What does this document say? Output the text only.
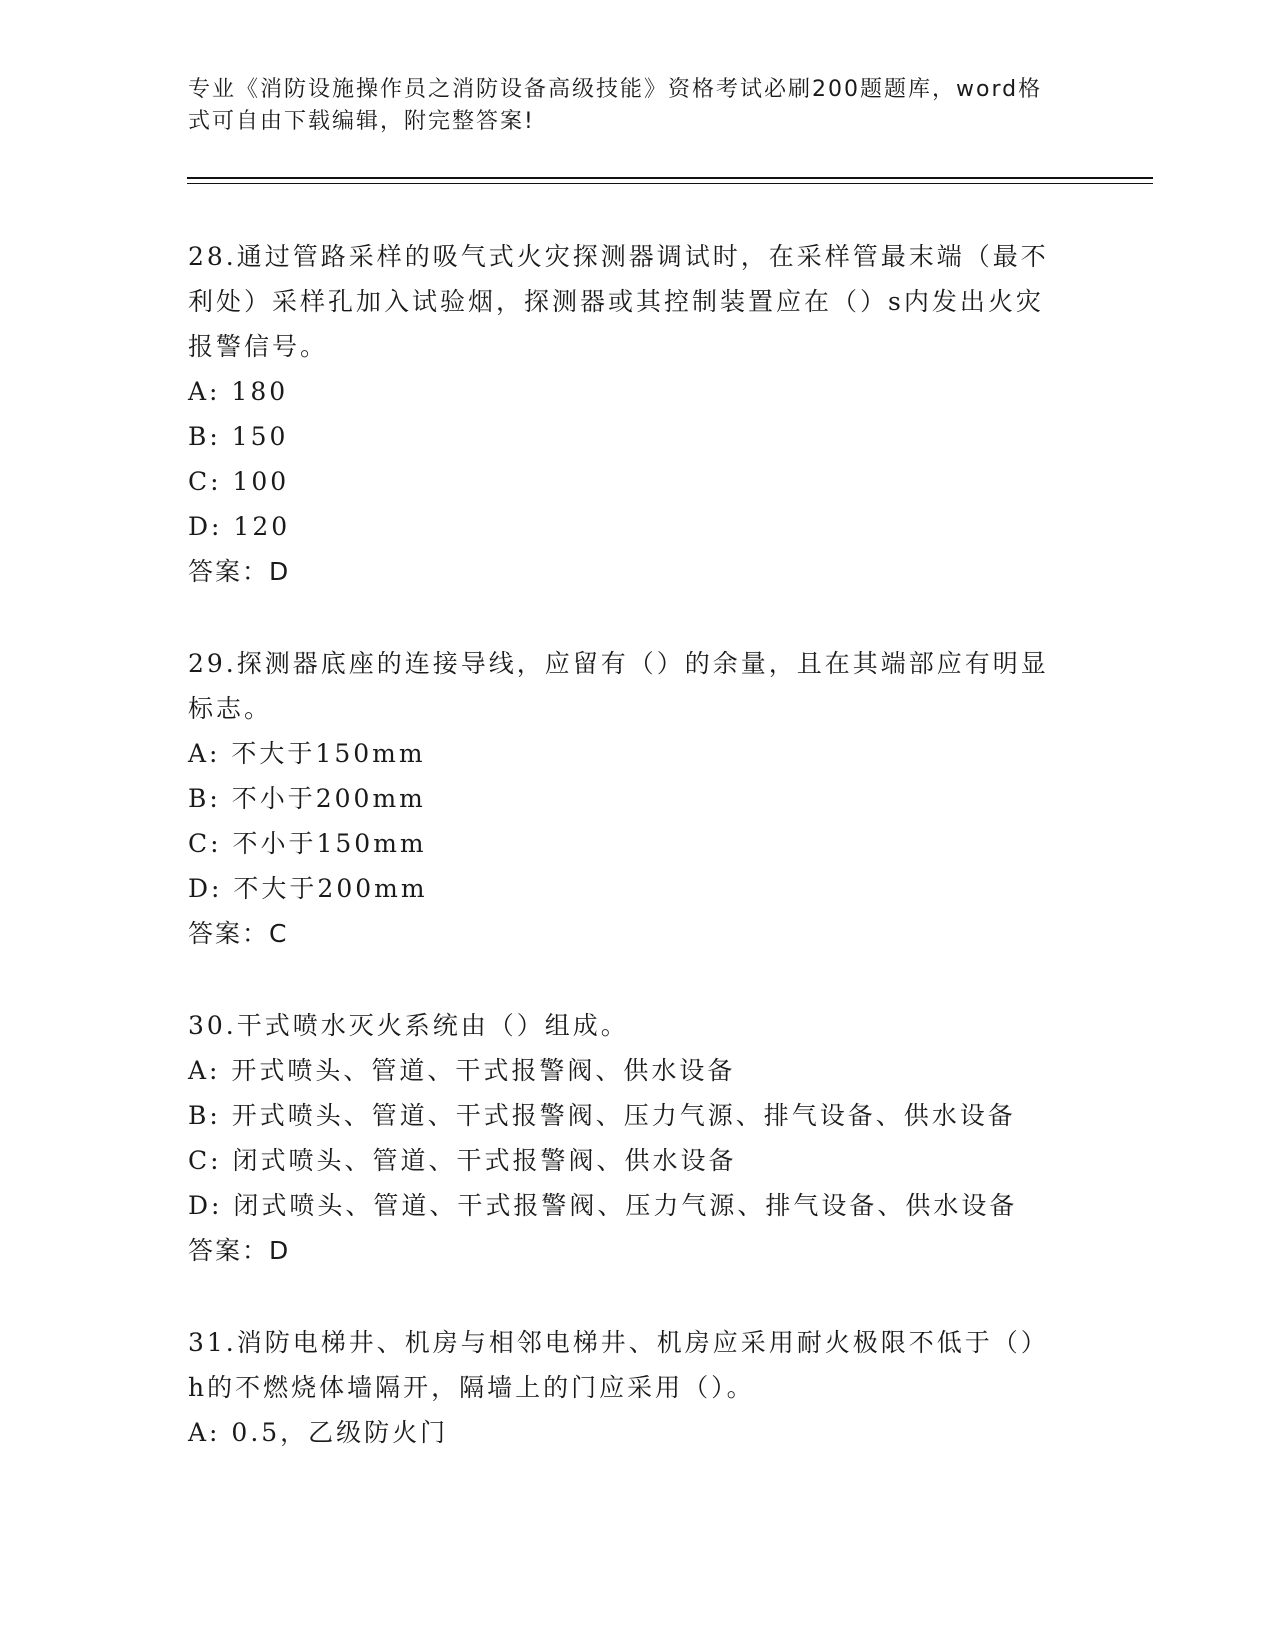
专业《消防设施操作员之消防设备高级技能》资格考试必刷200题题库，word格
式可自由下载编辑，附完整答案!

28.通过管路采样的吸气式火灾探测器调试时，在采样管最末端（最不

利处）采样孔加入试验烟，探测器或其控制装置应在（）s内发出火灾

报警信号。

A: 180

B: 150

C: 100

D: 120

答案：D

29.探测器底座的连接导线，应留有（）的余量，且在其端部应有明显

标志。

A: 不大于150mm

B: 不小于200mm

C: 不小于150mm

D: 不大于200mm

答案：C

30.干式喷水灭火系统由（）组成。

A: 开式喷头、管道、干式报警阀、供水设备

B: 开式喷头、管道、干式报警阀、压力气源、排气设备、供水设备

C: 闭式喷头、管道、干式报警阀、供水设备

D: 闭式喷头、管道、干式报警阀、压力气源、排气设备、供水设备

答案：D

31.消防电梯井、机房与相邻电梯井、机房应采用耐火极限不低于（）

h的不燃烧体墙隔开，隔墙上的门应采用（）。

A: 0.5，乙级防火门
